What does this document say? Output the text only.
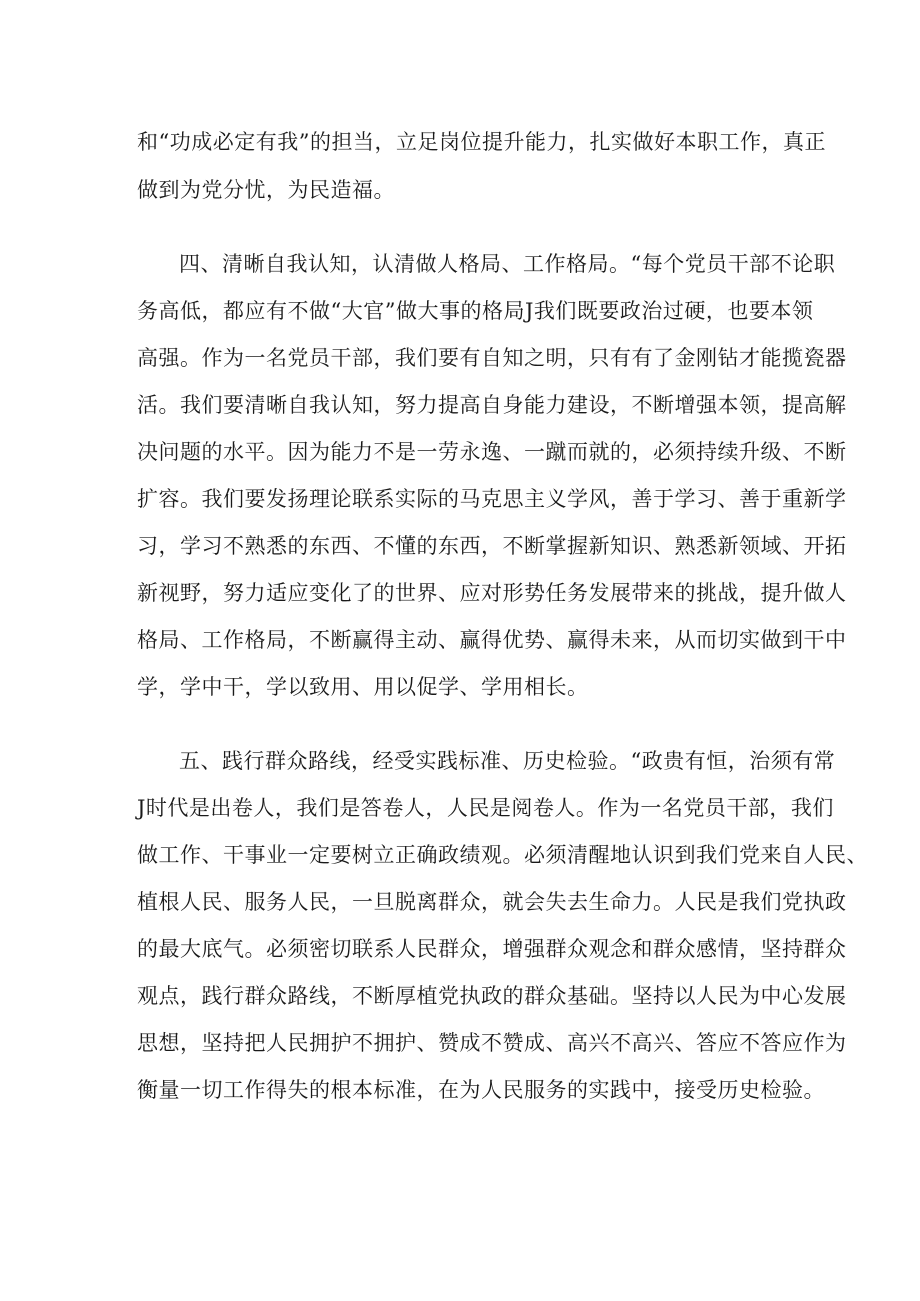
和“功成必定有我”的担当，立足岗位提升能力，扎实做好本职工作，真正
做到为党分忧，为民造福。
四、清晰自我认知，认清做人格局、工作格局。“每个党员干部不论职
务高低，都应有不做“大官”做大事的格局J我们既要政治过硬，也要本领
高强。作为一名党员干部，我们要有自知之明，只有有了金刚钻才能揽瓷器
活。我们要清晰自我认知，努力提高自身能力建设，不断增强本领，提高解
决问题的水平。因为能力不是一劳永逸、一蹴而就的，必须持续升级、不断
扩容。我们要发扬理论联系实际的马克思主义学风，善于学习、善于重新学
习，学习不熟悉的东西、不懂的东西，不断掌握新知识、熟悉新领域、开拓
新视野，努力适应变化了的世界、应对形势任务发展带来的挑战，提升做人
格局、工作格局，不断赢得主动、赢得优势、赢得未来，从而切实做到干中
学，学中干，学以致用、用以促学、学用相长。
五、践行群众路线，经受实践标准、历史检验。“政贵有恒，治须有常
J时代是出卷人，我们是答卷人，人民是阅卷人。作为一名党员干部，我们
做工作、干事业一定要树立正确政绩观。必须清醒地认识到我们党来自人民、
植根人民、服务人民，一旦脱离群众，就会失去生命力。人民是我们党执政
的最大底气。必须密切联系人民群众，增强群众观念和群众感情，坚持群众
观点，践行群众路线，不断厚植党执政的群众基础。坚持以人民为中心发展
思想，坚持把人民拥护不拥护、赞成不赞成、高兴不高兴、答应不答应作为
衡量一切工作得失的根本标准，在为人民服务的实践中，接受历史检验。
